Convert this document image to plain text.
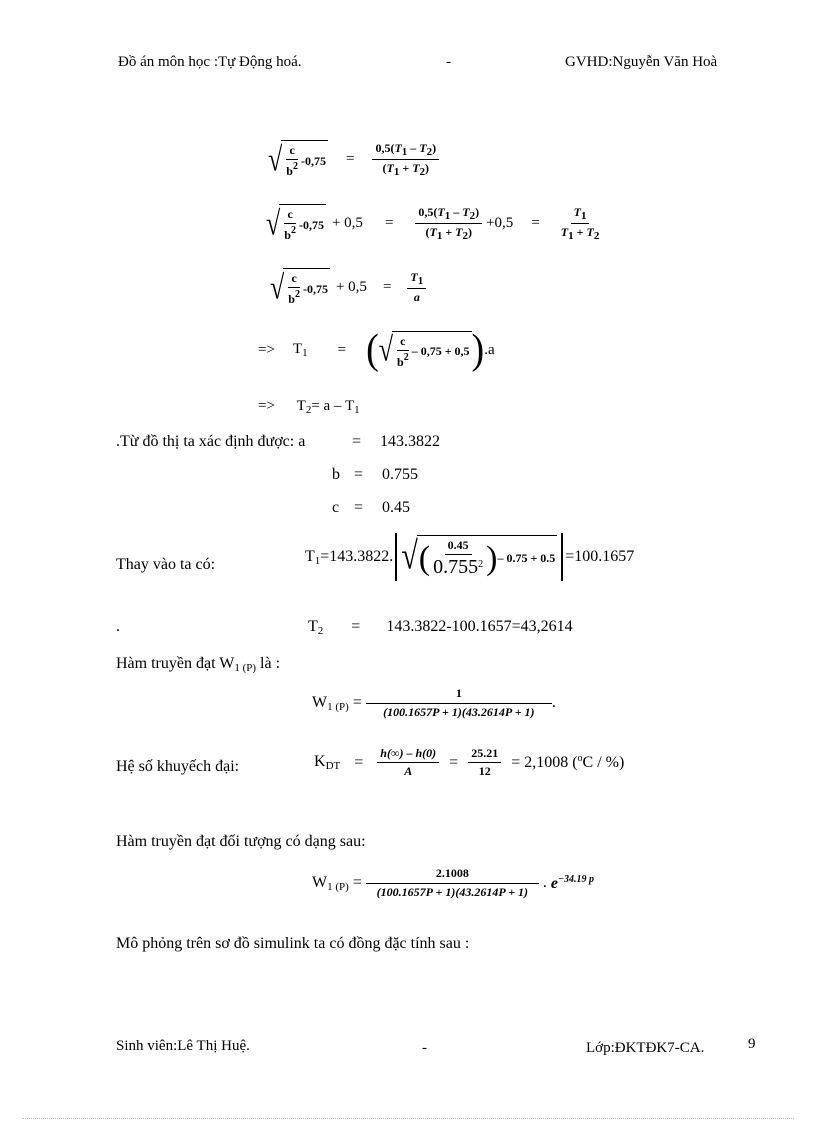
Đồ án môn học :Tự Động hoá.	-	GVHD:Nguyễn Văn Hoà
√ $\frac{c}{b^2} -0,75 = \frac{0,5(T1 - T2)}{(T1 + T2)}$
√ $\frac{c}{b^2} -0,75 + 0,5 = \frac{0,5(T1 - T2)}{(T1 + T2)} +0,5 = \frac{T1}{T1 + T2}$
√ $\frac{c}{b^2} -0,75 + 0,5 = \frac{T1}{a}$
=> $T_1$ = ( √ $\frac{c}{b^2} - 0,75 + 0,5$ ) .a
=> $T_2= a - T_1$
.Từ đồ thị ta xác định được: a	= 143.3822
b = 0.755
c = 0.45
Thay vào ta có:	$T_1=143.3822$. √ ( $\frac{0.45}{0.755^2}$ ) – 0.75 + 0.5 =100.1657
.	$T_2 = 143.3822-100.1657=43,2614$
Hàm truyền đạt $W_{1 (P)}$ là :
$W_{1 (P)} = \frac{1}{(100.1657P + 1)(43.2614P + 1)}$ .
Hệ số khuyếch đại:	$K_{DT} = \frac{h(\infty) - h(0)}{A} = \frac{25.21}{12} = 2,1008$ ($^o$C / %)
Hàm truyền đạt đối tượng có dạng sau:
$W_{1 (P)} = \frac{2.1008}{(100.1657P + 1)(43.2614P + 1)}$ . $e^{-34.19 p}$
Mô phỏng trên sơ đồ simulink ta có đồng đặc tính sau :
Sinh viên:Lê Thị Huệ.	-	Lớp:ĐKTĐK7-CA.	9
